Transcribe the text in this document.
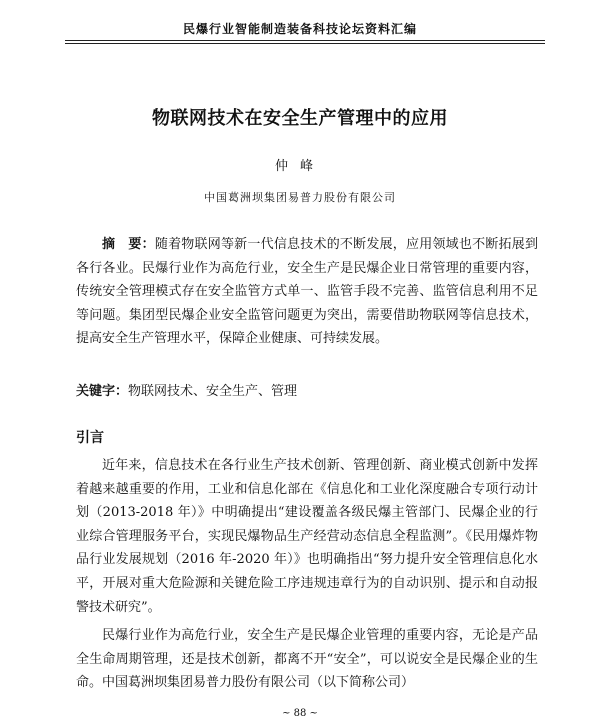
民爆行业智能制造装备科技论坛资料汇编
物联网技术在安全生产管理中的应用
仲峰
中国葛洲坝集团易普力股份有限公司

摘　要：随着物联网等新一代信息技术的不断发展，应用领域也不断拓展到各行各业。民爆行业作为高危行业，安全生产是民爆企业日常管理的重要内容，传统安全管理模式存在安全监管方式单一、监管手段不完善、监管信息利用不足等问题。集团型民爆企业安全监管问题更为突出，需要借助物联网等信息技术，提高安全生产管理水平，保障企业健康、可持续发展。

关键字：物联网技术、安全生产、管理

引言

近年来，信息技术在各行业生产技术创新、管理创新、商业模式创新中发挥着越来越重要的作用，工业和信息化部在《信息化和工业化深度融合专项行动计划（2013-2018 年）》中明确提出“建设覆盖各级民爆主管部门、民爆企业的行业综合管理服务平台，实现民爆物品生产经营动态信息全程监测”。《民用爆炸物品行业发展规划（2016 年-2020 年）》也明确指出“努力提升安全管理信息化水平，开展对重大危险源和关键危险工序违规违章行为的自动识别、提示和自动报警技术研究”。

民爆行业作为高危行业，安全生产是民爆企业管理的重要内容，无论是产品全生命周期管理，还是技术创新，都离不开“安全”，可以说安全是民爆企业的生命。中国葛洲坝集团易普力股份有限公司（以下简称公司）

~ 88 ~
